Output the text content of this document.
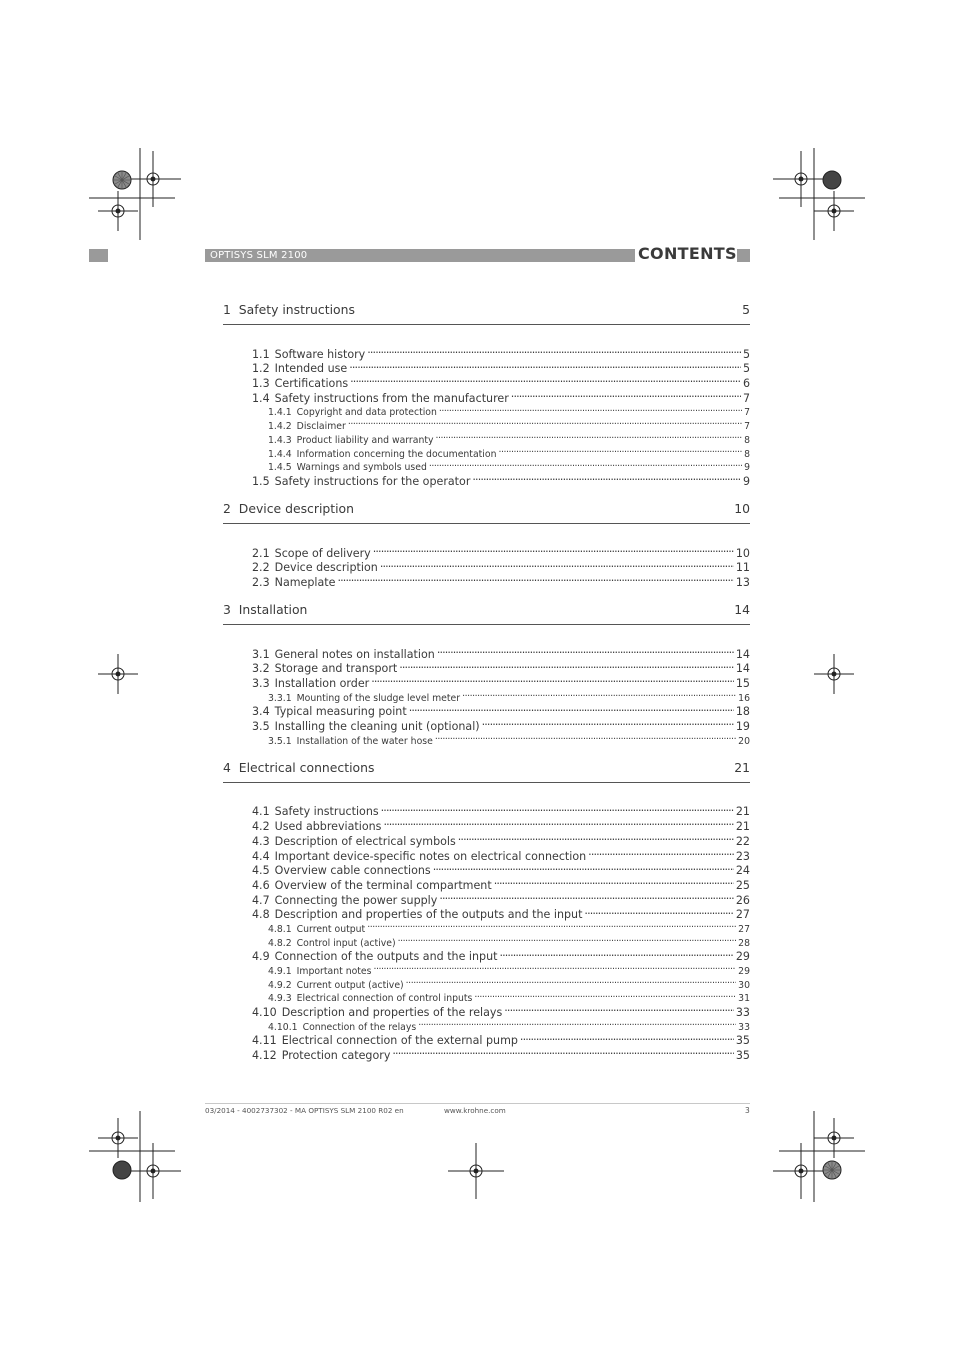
OPTISYS SLM 2100	CONTENTS
1 Safety instructions	5
1.1 Software history . . .	5
1.2 Intended use . . .	5
1.3 Certifications . . .	6
1.4 Safety instructions from the manufacturer . . .	7
1.4.1 Copyright and data protection . . .	7
1.4.2 Disclaimer . . .	7
1.4.3 Product liability and warranty . . .	8
1.4.4 Information concerning the documentation . . .	8
1.4.5 Warnings and symbols used . . .	9
1.5 Safety instructions for the operator . . .	9
2 Device description	10
2.1 Scope of delivery . . .	10
2.2 Device description . . .	11
2.3 Nameplate . . .	13
3 Installation	14
3.1 General notes on installation . . .	14
3.2 Storage and transport . . .	14
3.3 Installation order . . .	15
3.3.1 Mounting of the sludge level meter . . .	16
3.4 Typical measuring point . . .	18
3.5 Installing the cleaning unit (optional) . . .	19
3.5.1 Installation of the water hose . . .	20
4 Electrical connections	21
4.1 Safety instructions . . .	21
4.2 Used abbreviations . . .	21
4.3 Description of electrical symbols . . .	22
4.4 Important device-specific notes on electrical connection . . .	23
4.5 Overview cable connections . . .	24
4.6 Overview of the terminal compartment . . .	25
4.7 Connecting the power supply . . .	26
4.8 Description and properties of the outputs and the input . . .	27
4.8.1 Current output . . .	27
4.8.2 Control input (active) . . .	28
4.9 Connection of the outputs and the input . . .	29
4.9.1 Important notes . . .	29
4.9.2 Current output (active) . . .	30
4.9.3 Electrical connection of control inputs . . .	31
4.10 Description and properties of the relays . . .	33
4.10.1 Connection of the relays . . .	33
4.11 Electrical connection of the external pump . . .	35
4.12 Protection category . . .	35
03/2014 - 4002737302 - MA OPTISYS SLM 2100 R02 en	www.krohne.com	3
